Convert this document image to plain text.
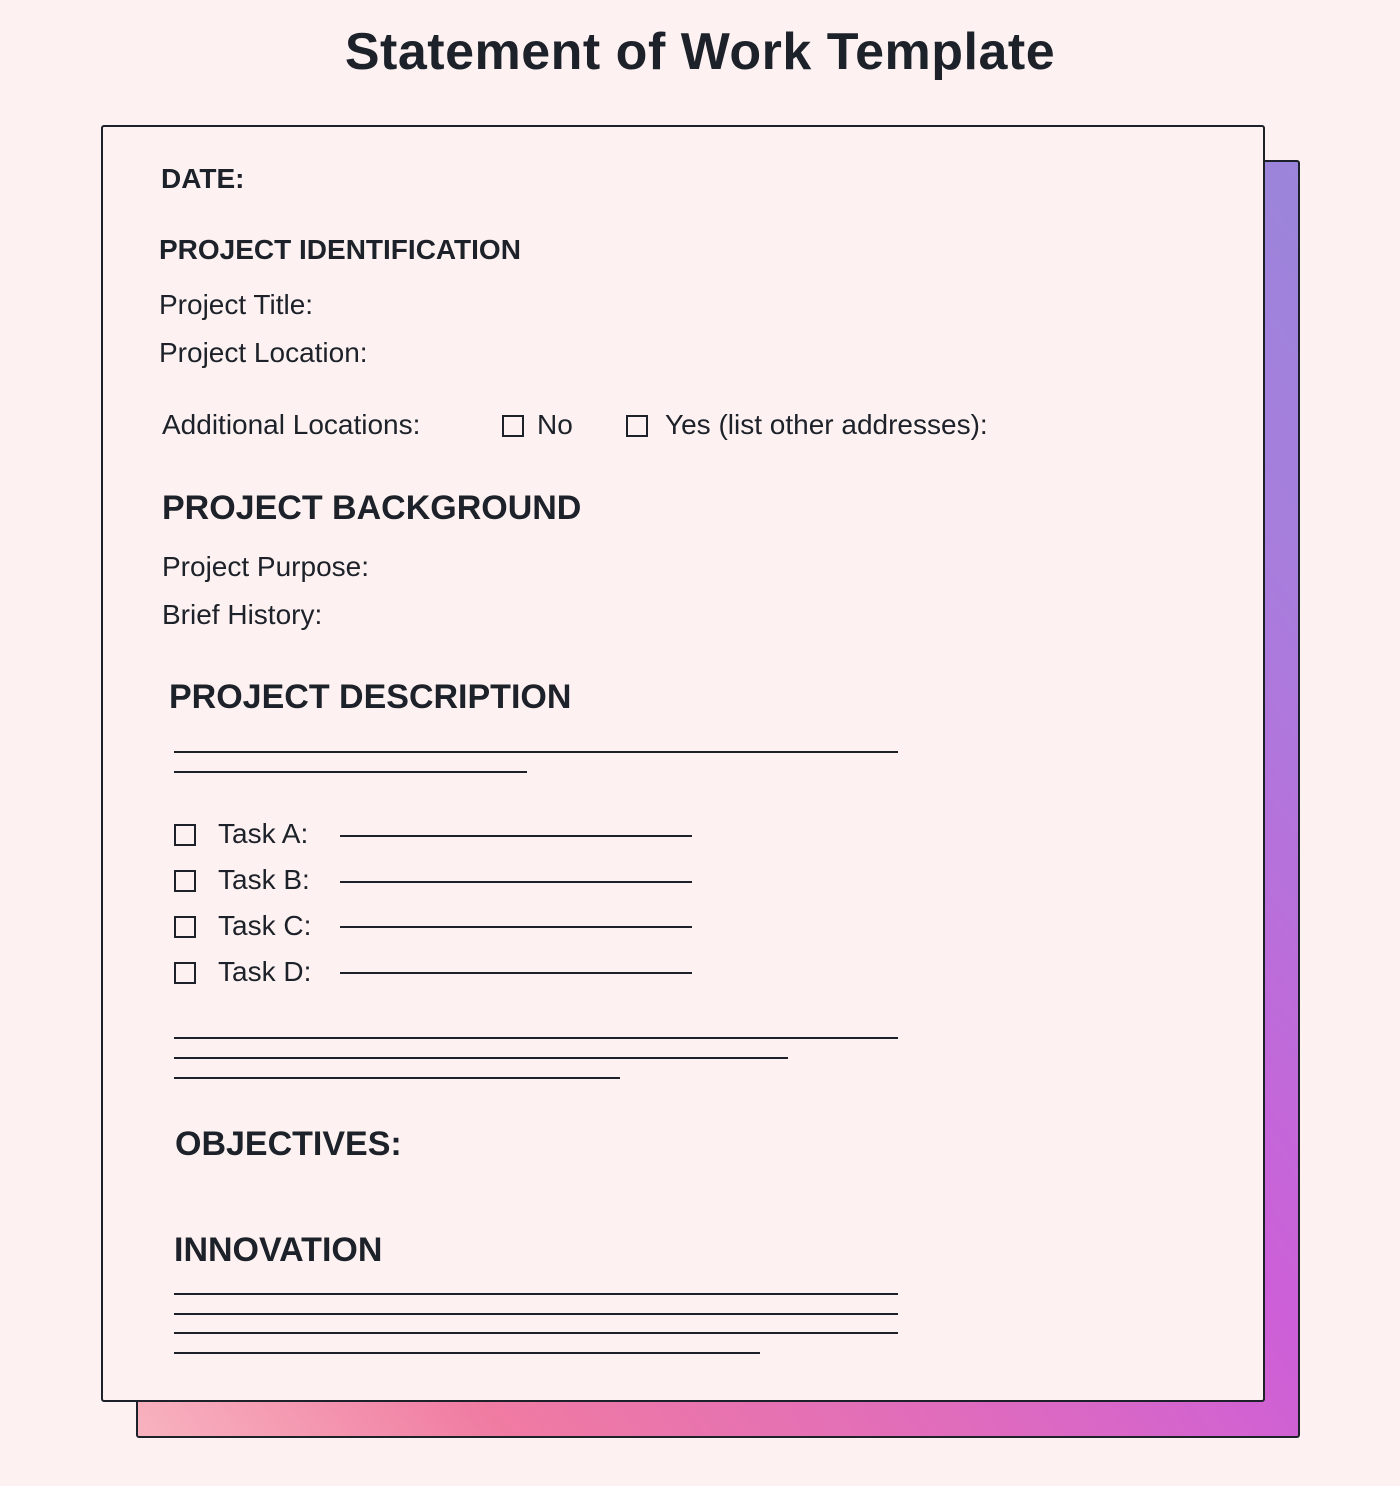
Statement of Work Template
DATE:
PROJECT IDENTIFICATION
Project Title:
Project Location:
Additional Locations:	No	Yes (list other addresses):
PROJECT BACKGROUND
Project Purpose:
Brief History:
PROJECT DESCRIPTION
Task A:
Task B:
Task C:
Task D:
OBJECTIVES:
INNOVATION
